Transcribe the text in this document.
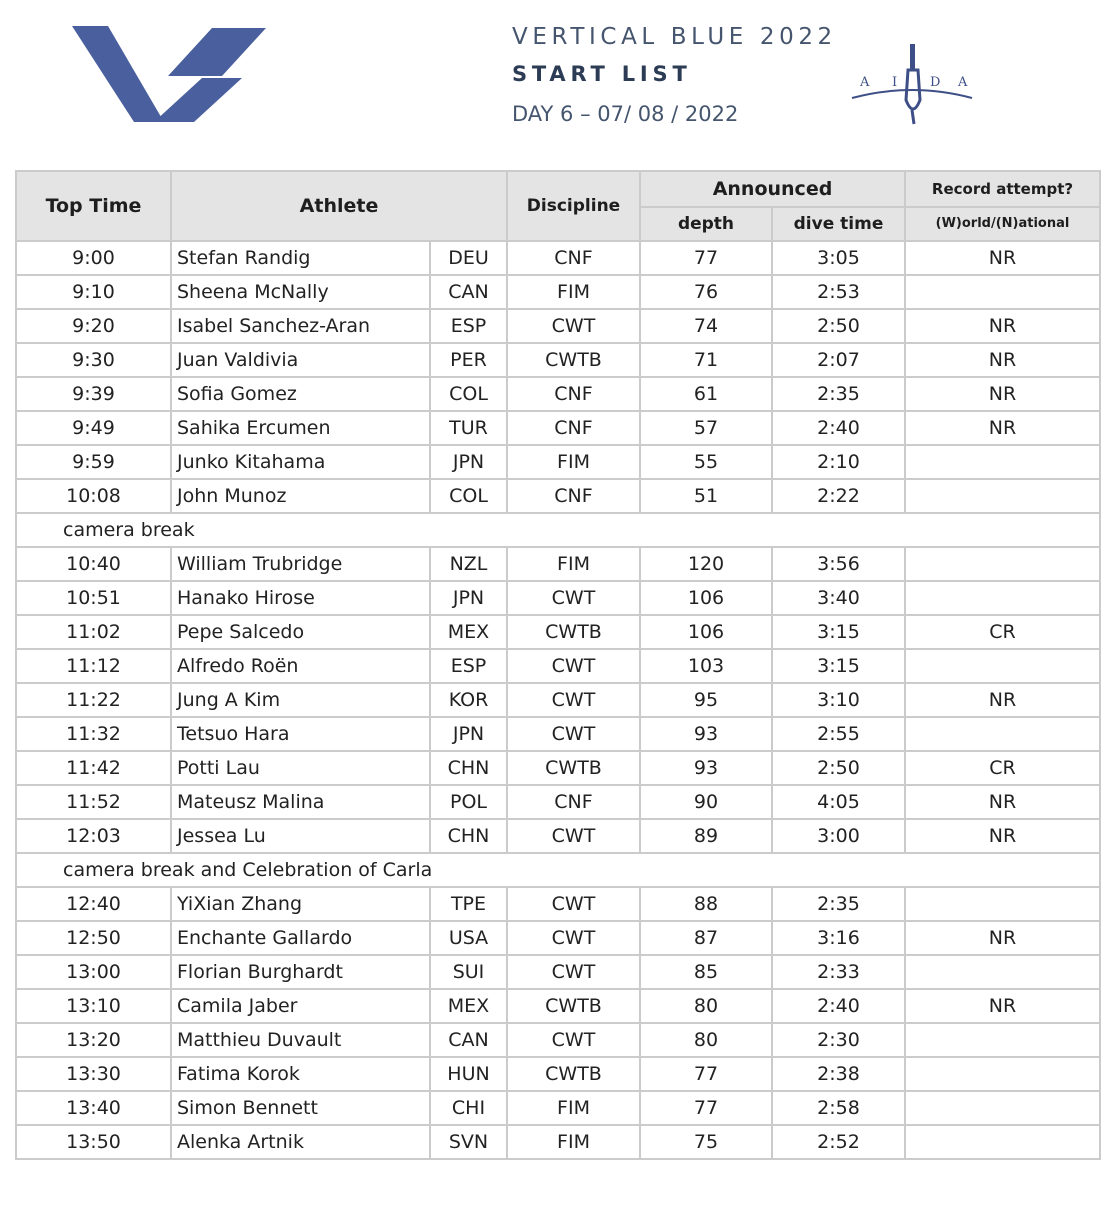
VERTICAL BLUE 2022
START LIST
DAY 6 – 07/ 08 / 2022
A I	D A
Top Time	Athlete		Discipline	Announced		Record attempt?
				depth	dive time	(W)orld/(N)ational
9:00	Stefan Randig	DEU	CNF	77	3:05	NR
9:10	Sheena McNally	CAN	FIM	76	2:53	
9:20	Isabel Sanchez-Aran	ESP	CWT	74	2:50	NR
9:30	Juan Valdivia	PER	CWTB	71	2:07	NR
9:39	Sofia Gomez	COL	CNF	61	2:35	NR
9:49	Sahika Ercumen	TUR	CNF	57	2:40	NR
9:59	Junko Kitahama	JPN	FIM	55	2:10	
10:08	John Munoz	COL	CNF	51	2:22	
camera break						
10:40	William Trubridge	NZL	FIM	120	3:56	
10:51	Hanako Hirose	JPN	CWT	106	3:40	
11:02	Pepe Salcedo	MEX	CWTB	106	3:15	CR
11:12	Alfredo Roën	ESP	CWT	103	3:15	
11:22	Jung A Kim	KOR	CWT	95	3:10	NR
11:32	Tetsuo Hara	JPN	CWT	93	2:55	
11:42	Potti Lau	CHN	CWTB	93	2:50	CR
11:52	Mateusz Malina	POL	CNF	90	4:05	NR
12:03	Jessea Lu	CHN	CWT	89	3:00	NR
camera break and Celebration of Carla						
12:40	YiXian Zhang	TPE	CWT	88	2:35	
12:50	Enchante Gallardo	USA	CWT	87	3:16	NR
13:00	Florian Burghardt	SUI	CWT	85	2:33	
13:10	Camila Jaber	MEX	CWTB	80	2:40	NR
13:20	Matthieu Duvault	CAN	CWT	80	2:30	
13:30	Fatima Korok	HUN	CWTB	77	2:38	
13:40	Simon Bennett	CHI	FIM	77	2:58	
13:50	Alenka Artnik	SVN	FIM	75	2:52	
